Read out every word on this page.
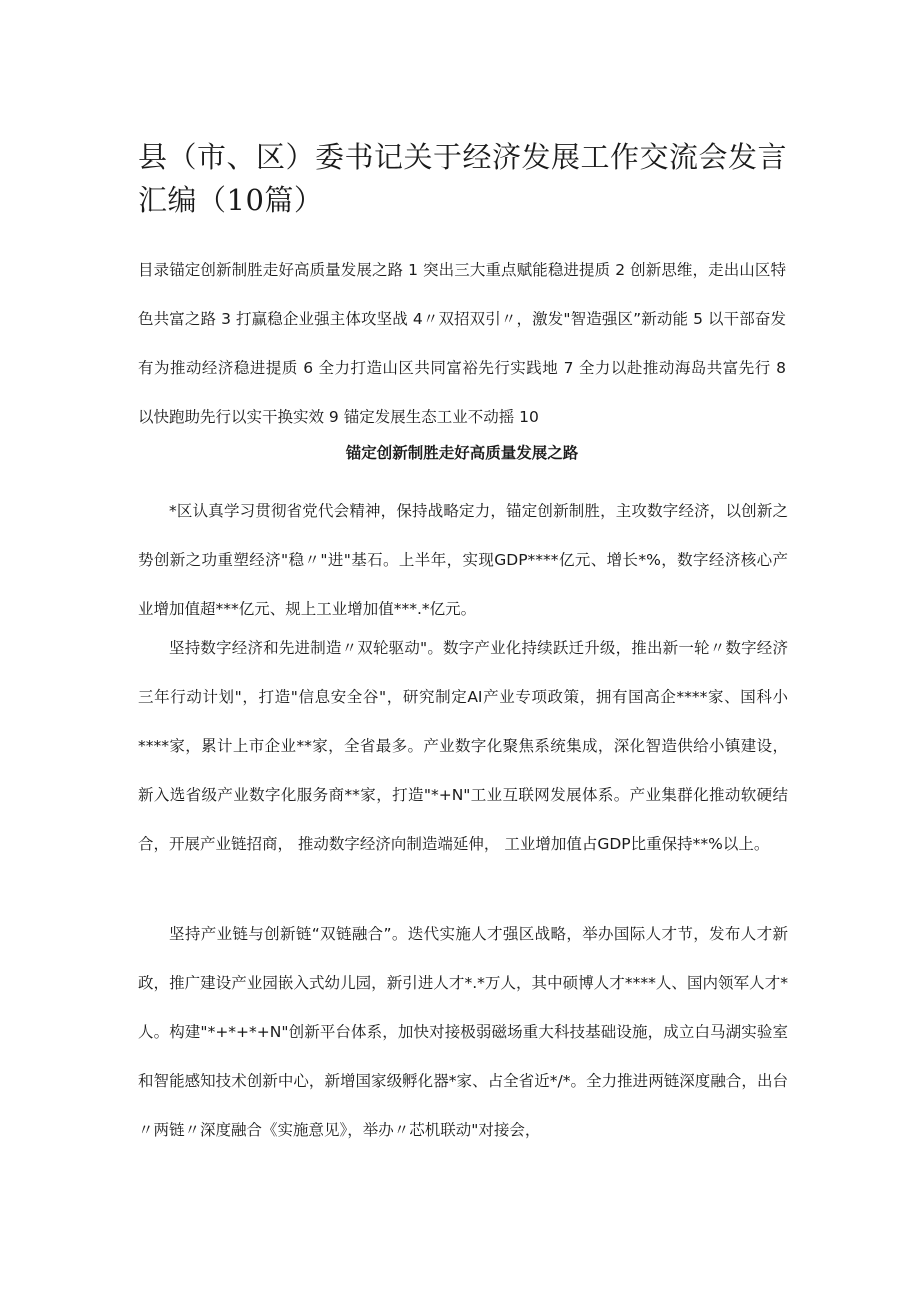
县（市、区）委书记关于经济发展工作交流会发言汇编（10篇）

目录锚定创新制胜走好高质量发展之路 1 突出三大重点赋能稳进提质 2 创新思维，走出山区特色共富之路 3 打赢稳企业强主体攻坚战 4〃双招双引〃，激发"智造强区”新动能 5 以干部奋发有为推动经济稳进提质 6 全力打造山区共同富裕先行实践地 7 全力以赴推动海岛共富先行 8 以快跑助先行以实干换实效 9 锚定发展生态工业不动摇 10

锚定创新制胜走好高质量发展之路

*区认真学习贯彻省党代会精神，保持战略定力，锚定创新制胜，主攻数字经济，以创新之势创新之功重塑经济"稳〃"进"基石。上半年，实现GDP****亿元、增长*%，数字经济核心产业增加值超***亿元、规上工业增加值***.*亿元。

坚持数字经济和先进制造〃双轮驱动"。数字产业化持续跃迁升级，推出新一轮〃数字经济三年行动计划"，打造"信息安全谷"，研究制定AI产业专项政策，拥有国高企****家、国科小****家，累计上市企业**家，全省最多。产业数字化聚焦系统集成，深化智造供给小镇建设，新入选省级产业数字化服务商**家，打造"*+N"工业互联网发展体系。产业集群化推动软硬结合，开展产业链招商， 推动数字经济向制造端延伸， 工业增加值占GDP比重保持**%以上。

坚持产业链与创新链“双链融合”。迭代实施人才强区战略，举办国际人才节，发布人才新政，推广建设产业园嵌入式幼儿园，新引进人才*.*万人，其中硕博人才****人、国内领军人才*人。构建"*+*+*+N"创新平台体系，加快对接极弱磁场重大科技基础设施，成立白马湖实验室和智能感知技术创新中心，新增国家级孵化器*家、占全省近*/*。全力推进两链深度融合，出台〃两链〃深度融合《实施意见》，举办〃芯机联动"对接会，
